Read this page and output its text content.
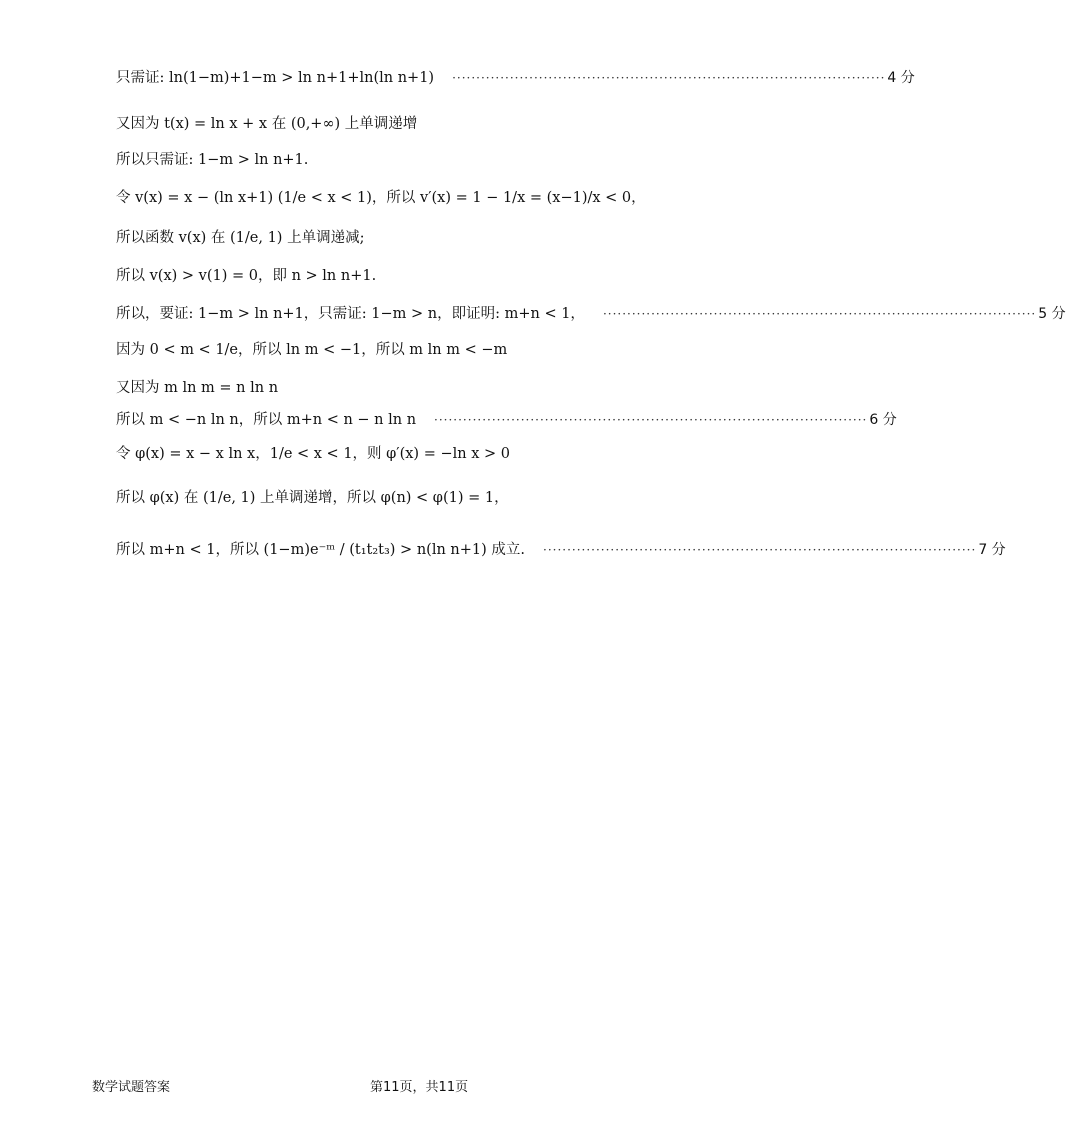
只需证: ln(1−m)+1−m > ln n+1+ln(ln n+1) ·························································································· 4 分
又因为 t(x) = ln x + x 在 (0,+∞) 上单调递增
所以只需证: 1−m > ln n+1.
令 v(x) = x − (ln x+1) (1/e < x < 1)，所以 v′(x) = 1 − 1/x = (x−1)/x < 0，
所以函数 v(x) 在 (1/e, 1) 上单调递减;
所以 v(x) > v(1) = 0，即 n > ln n+1.
所以，要证: 1−m > ln n+1，只需证: 1−m > n，即证明: m+n < 1， ·························································································· 5 分
因为 0 < m < 1/e，所以 ln m < −1，所以 m ln m < −m
又因为 m ln m = n ln n
所以 m < −n ln n，所以 m+n < n − n ln n ·························································································· 6 分
令 φ(x) = x − x ln x，1/e < x < 1，则 φ′(x) = −ln x > 0
所以 φ(x) 在 (1/e, 1) 上单调递增，所以 φ(n) < φ(1) = 1，
所以 m+n < 1，所以 (1−m)e⁻ᵐ / (t₁t₂t₃) > n(ln n+1) 成立. ·························································································· 7 分
数学试题答案	第11页，共11页
